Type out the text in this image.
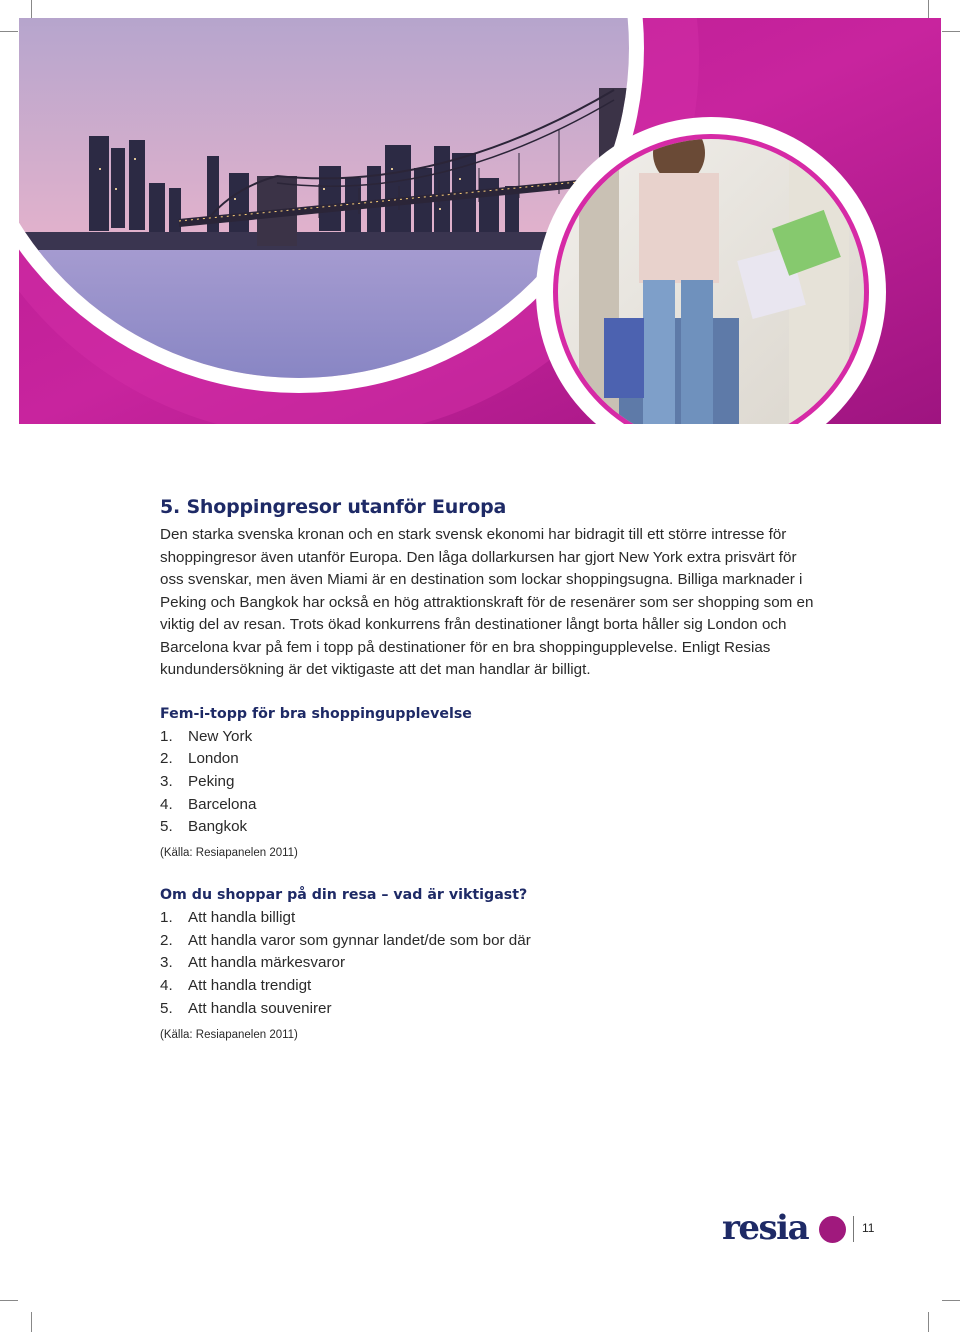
5. Shoppingresor utanför Europa

Den starka svenska kronan och en stark svensk ekonomi har bidragit till ett större intresse för shoppingresor även utanför Europa. Den låga dollarkursen har gjort New York extra prisvärt för oss svenskar, men även Miami är en destination som lockar shoppingsugna. Billiga marknader i Peking och Bangkok har också en hög attraktionskraft för de resenärer som ser shopping som en viktig del av resan. Trots ökad konkurrens från destinationer långt borta håller sig London och Barcelona kvar på fem i topp på destinationer för en bra shoppingupplevelse. Enligt Resias kundundersökning är det viktigaste att det man handlar är billigt.

Fem-i-topp för bra shoppingupplevelse
1. New York
2. London
3. Peking
4. Barcelona
5. Bangkok
(Källa: Resiapanelen 2011)
Om du shoppar på din resa – vad är viktigast?
1. Att handla billigt
2. Att handla varor som gynnar landet/de som bor där
3. Att handla märkesvaror
4. Att handla trendigt
5. Att handla souvenirer
(Källa: Resiapanelen 2011)
resia	11
